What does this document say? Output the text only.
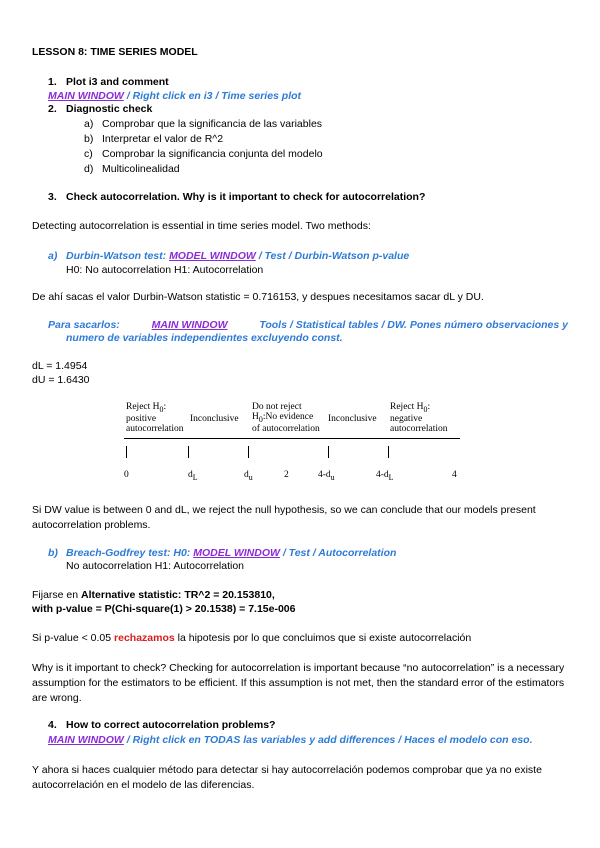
LESSON 8: TIME SERIES MODEL
1. Plot i3 and comment
MAIN WINDOW / Right click en i3 / Time series plot
2. Diagnostic check
a) Comprobar que la significancia de las variables
b) Interpretar el valor de R^2
c) Comprobar la significancia conjunta del modelo
d) Multicolinealidad
3. Check autocorrelation. Why is it important to check for autocorrelation?
Detecting autocorrelation is essential in time series model. Two methods:
a) Durbin-Watson test: MODEL WINDOW / Test / Durbin-Watson p-value
H0: No autocorrelation H1: Autocorrelation
De ahí sacas el valor Durbin-Watson statistic = 0.716153, y despues necesitamos sacar dL y DU.
Para sacarlos:	MAIN WINDOW	Tools / Statistical tables / DW. Pones número observaciones y
numero de variables independientes excluyendo const.
dL = 1.4954
dU = 1.6430
Reject $H_0$:
positive
autocorrelation
Inconclusive
Do not reject
$H_0:No$ evidence
of autocorrelation
Inconclusive
Reject $H_0$:
negative
autocorrelation
0	$d_L$	$d_u$	2	$4-d_u$	$4-d_L$	4
Si DW value is between 0 and dL, we reject the null hypothesis, so we can conclude that our models present autocorrelation problems.
b) Breach-Godfrey test: H0: MODEL WINDOW / Test / Autocorrelation
No autocorrelation H1: Autocorrelation
Fijarse en Alternative statistic: TR^2 = 20.153810,
with p-value = P(Chi-square(1) > 20.1538) = 7.15e-006
Si p-value < 0.05 rechazamos la hipotesis por lo que concluimos que si existe autocorrelación
Why is it important to check? Checking for autocorrelation is important because “no autocorrelation” is a necessary assumption for the estimators to be efficient. If this assumption is not met, then the standard error of the estimators are wrong.
4. How to correct autocorrelation problems?
MAIN WINDOW / Right click en TODAS las variables y add differences / Haces el modelo con eso.
Y ahora si haces cualquier método para detectar si hay autocorrelación podemos comprobar que ya no existe autocorrelación en el modelo de las diferencias.
